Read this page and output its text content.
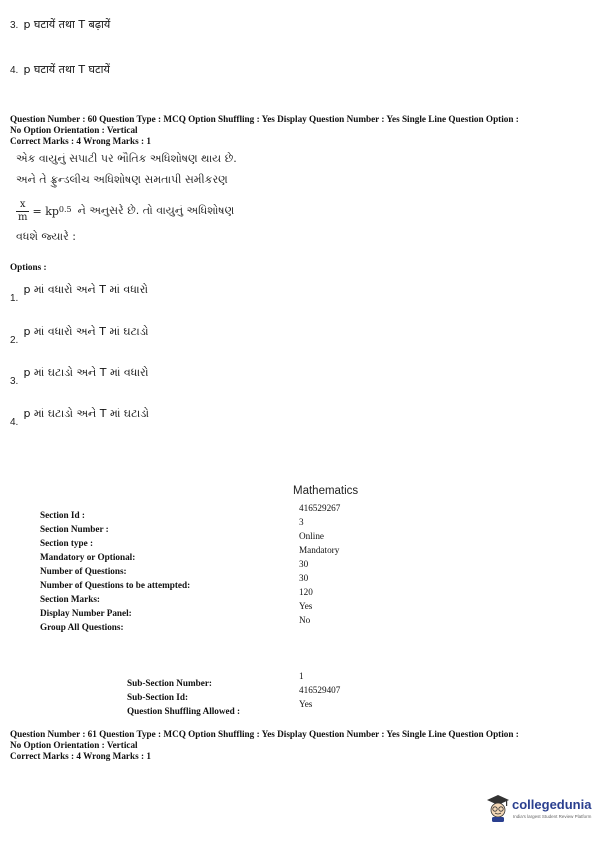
3. p घटायें तथा T बढ़ायें
4. p घटायें तथा T घटायें
Question Number : 60 Question Type : MCQ Option Shuffling : Yes Display Question Number : Yes Single Line Question Option :
No Option Orientation : Vertical
Correct Marks : 4 Wrong Marks : 1
એક વાયુનું સપાટી પર ભૌતિક અધિશોષણ થાય છે.
અને તે ફ્રુન્ડલીચ અધિશોષણ સમતાપી સમીકરણ
$\frac{x}{m} = kp^{0.5}$ ને અનુસરે છે. તો વાયુનું અધિશોષણ
વધશે જ્યારે :
Options :
$_{1.}$ p માં વધારો અને T માં વધારો
$_{2.}$ p માં વધારો અને T માં ઘટાડો
$_{3.}$ p માં ઘટાડો અને T માં વધારો
$_{4.}$ p માં ઘટાડો અને T માં ઘટાડો
Mathematics
Section Id :
416529267
Section Number :
3
Section type :
Online
Mandatory or Optional:
Mandatory
Number of Questions:
30
Number of Questions to be attempted:
30
Section Marks:
120
Display Number Panel:
Yes
Group All Questions:
No
Sub-Section Number:
1
Sub-Section Id:
416529407
Question Shuffling Allowed :
Yes
Question Number : 61 Question Type : MCQ Option Shuffling : Yes Display Question Number : Yes Single Line Question Option :
No Option Orientation : Vertical
Correct Marks : 4 Wrong Marks : 1
collegedunia
India's largest Student Review Platform
